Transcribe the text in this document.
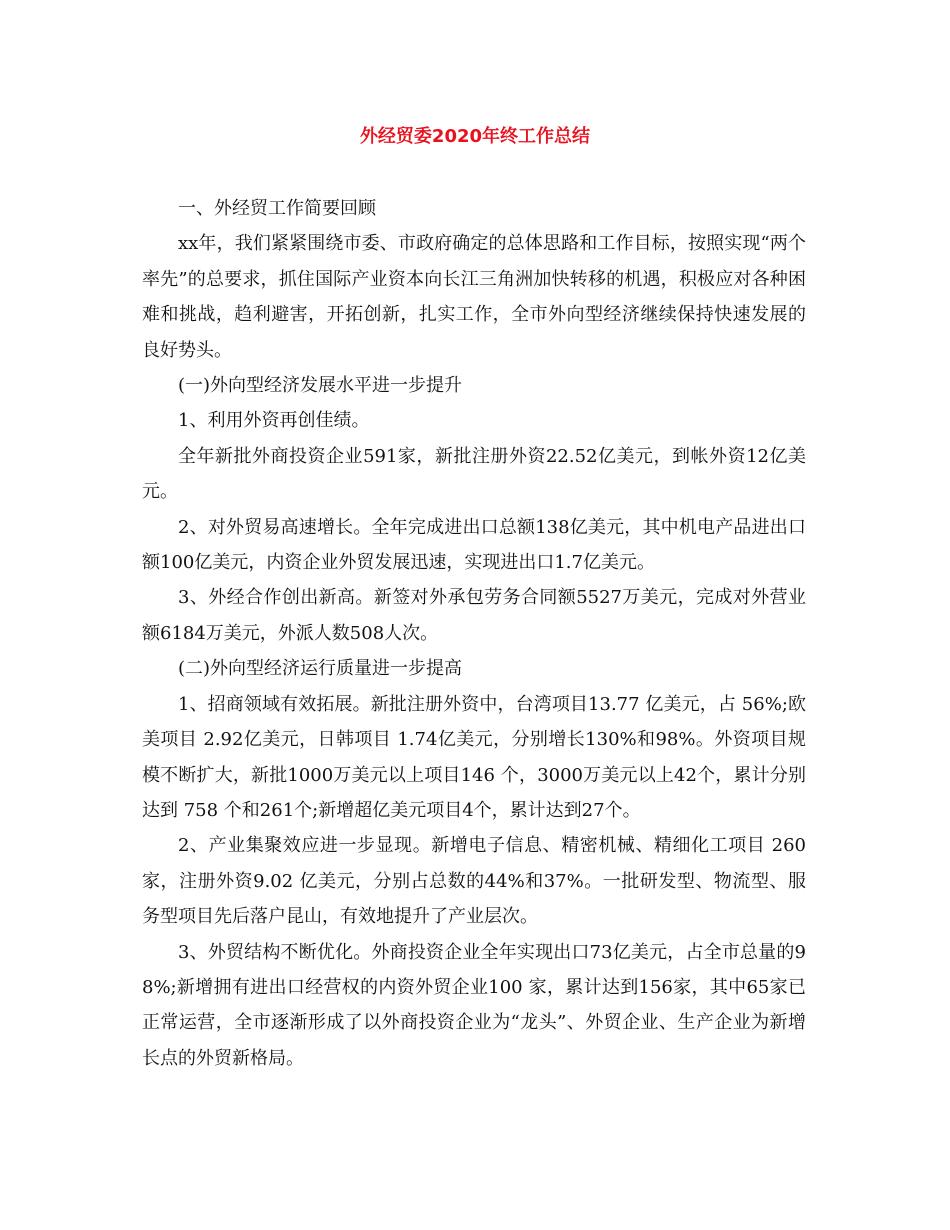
外经贸委2020年终工作总结

一、外经贸工作简要回顾

xx年，我们紧紧围绕市委、市政府确定的总体思路和工作目标，按照实现“两个率先”的总要求，抓住国际产业资本向长江三角洲加快转移的机遇，积极应对各种困难和挑战，趋利避害，开拓创新，扎实工作，全市外向型经济继续保持快速发展的良好势头。

(一)外向型经济发展水平进一步提升

1、利用外资再创佳绩。

全年新批外商投资企业591家，新批注册外资22.52亿美元，到帐外资12亿美元。

2、对外贸易高速增长。全年完成进出口总额138亿美元，其中机电产品进出口额100亿美元，内资企业外贸发展迅速，实现进出口1.7亿美元。

3、外经合作创出新高。新签对外承包劳务合同额5527万美元，完成对外营业额6184万美元，外派人数508人次。

(二)外向型经济运行质量进一步提高

1、招商领域有效拓展。新批注册外资中，台湾项目13.77 亿美元，占 56%;欧美项目 2.92亿美元，日韩项目 1.74亿美元，分别增长130%和98%。外资项目规模不断扩大，新批1000万美元以上项目146 个，3000万美元以上42个，累计分别达到 758 个和261个;新增超亿美元项目4个，累计达到27个。

2、产业集聚效应进一步显现。新增电子信息、精密机械、精细化工项目 260家，注册外资9.02 亿美元，分别占总数的44%和37%。一批研发型、物流型、服务型项目先后落户昆山，有效地提升了产业层次。

3、外贸结构不断优化。外商投资企业全年实现出口73亿美元，占全市总量的98%;新增拥有进出口经营权的内资外贸企业100 家，累计达到156家，其中65家已正常运营，全市逐渐形成了以外商投资企业为“龙头”、外贸企业、生产企业为新增长点的外贸新格局。
